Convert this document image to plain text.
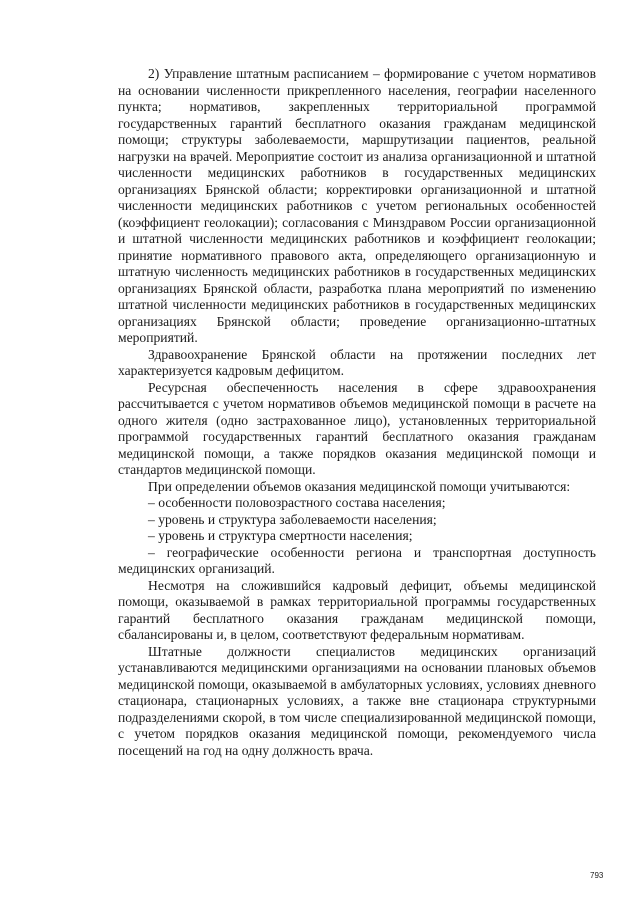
2) Управление штатным расписанием – формирование с учетом нормативов на основании численности прикрепленного населения, географии населенного пункта; нормативов, закрепленных территориальной программой государственных гарантий бесплатного оказания гражданам медицинской помощи; структуры заболеваемости, маршрутизации пациентов, реальной нагрузки на врачей. Мероприятие состоит из анализа организационной и штатной численности медицинских работников в государственных медицинских организациях Брянской области; корректировки организационной и штатной численности медицинских работников с учетом региональных особенностей (коэффициент геолокации); согласования с Минздравом России организационной и штатной численности медицинских работников и коэффициент геолокации; принятие нормативного правового акта, определяющего организационную и штатную численность медицинских работников в государственных медицинских организациях Брянской области, разработка плана мероприятий по изменению штатной численности медицинских работников в государственных медицинских организациях Брянской области; проведение организационно-штатных мероприятий.

Здравоохранение Брянской области на протяжении последних лет характеризуется кадровым дефицитом.

Ресурсная обеспеченность населения в сфере здравоохранения рассчитывается с учетом нормативов объемов медицинской помощи в расчете на одного жителя (одно застрахованное лицо), установленных территориальной программой государственных гарантий бесплатного оказания гражданам медицинской помощи, а также порядков оказания медицинской помощи и стандартов медицинской помощи.

При определении объемов оказания медицинской помощи учитываются:

– особенности половозрастного состава населения;

– уровень и структура заболеваемости населения;

– уровень и структура смертности населения;

– географические особенности региона и транспортная доступность медицинских организаций.

Несмотря на сложившийся кадровый дефицит, объемы медицинской помощи, оказываемой в рамках территориальной программы государственных гарантий бесплатного оказания гражданам медицинской помощи, сбалансированы и, в целом, соответствуют федеральным нормативам.

Штатные должности специалистов медицинских организаций устанавливаются медицинскими организациями на основании плановых объемов медицинской помощи, оказываемой в амбулаторных условиях, условиях дневного стационара, стационарных условиях, а также вне стационара структурными подразделениями скорой, в том числе специализированной медицинской помощи, с учетом порядков оказания медицинской помощи, рекомендуемого числа посещений на год на одну должность врача.

793
